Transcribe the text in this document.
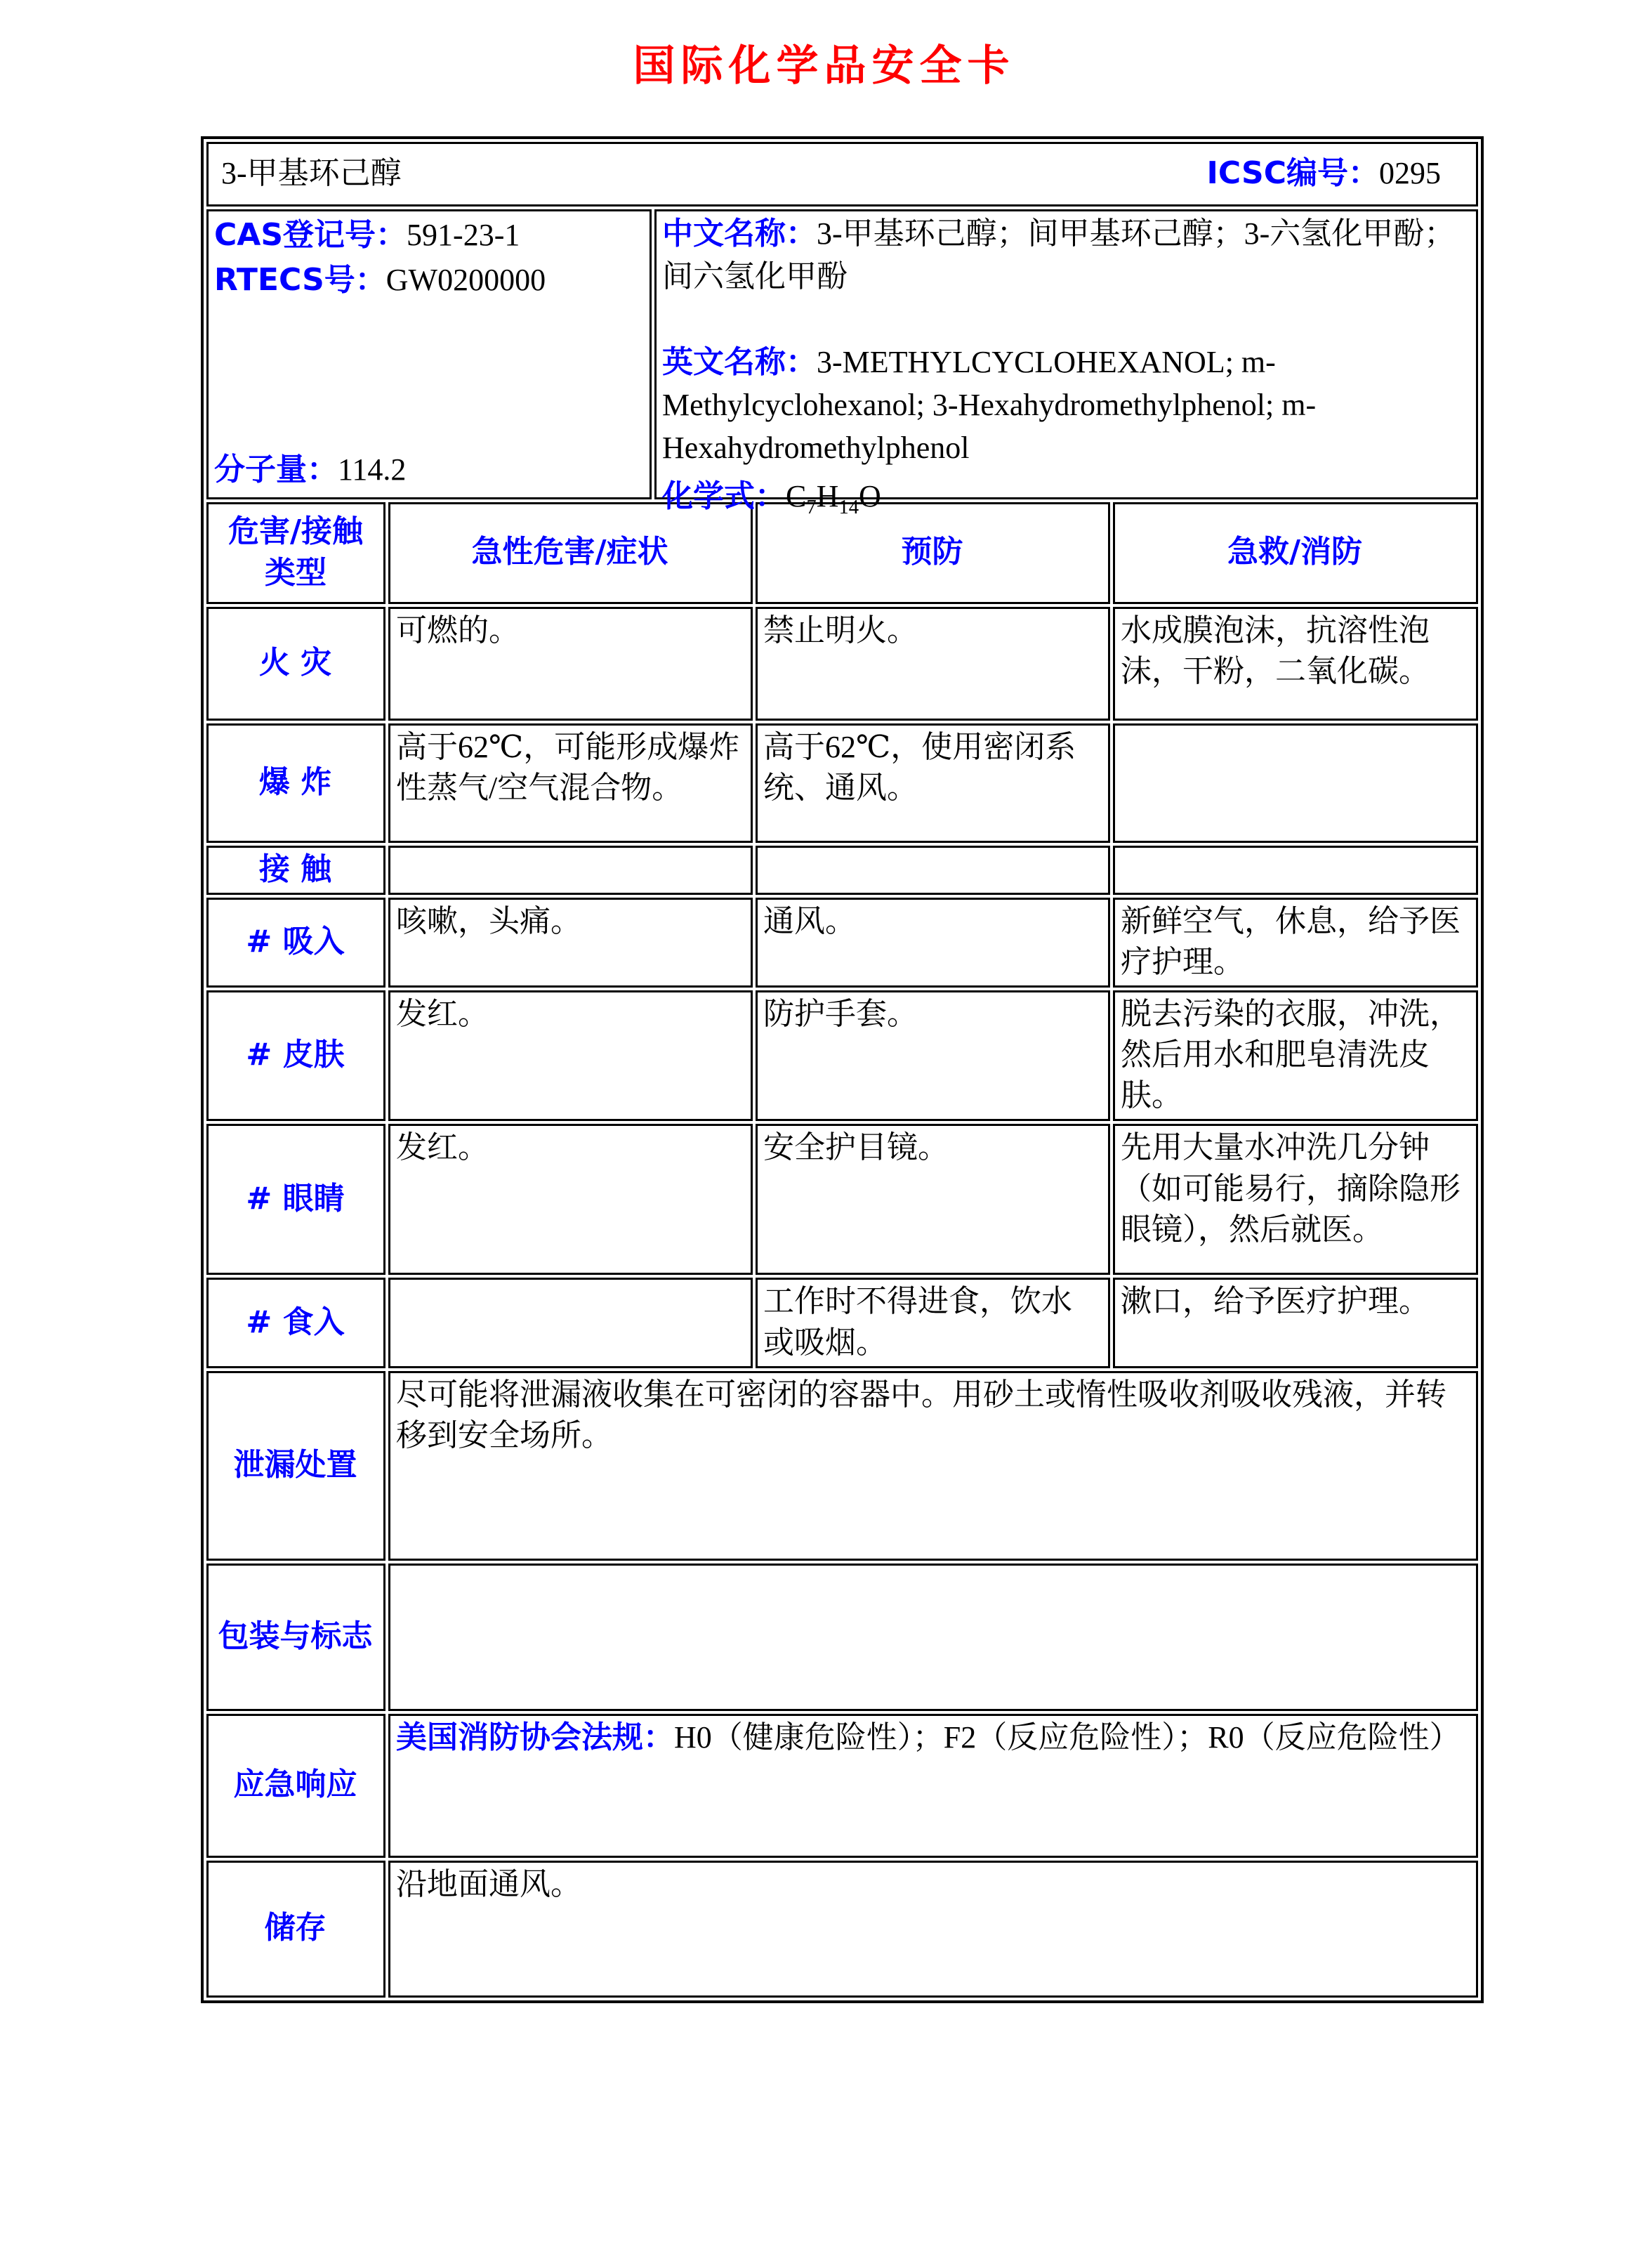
国际化学品安全卡
3-甲基环己醇 ICSC编号：0295				

CAS登记号：591-23-1
RTECS号：GW0200000
分子量：114.2

中文名称：3-甲基环己醇；间甲基环己醇；3-六氢化甲酚；间六氢化甲酚
英文名称：3-METHYLCYCLOHEXANOL; m-Methylcyclohexanol; 3-Hexahydromethylphenol; m-Hexahydromethylphenol
化学式：$C_7H_{14}O$

危害/接触类型	急性危害/症状		预防	急救/消防
火 灾	可燃的。		禁止明火。	水成膜泡沫，抗溶性泡沫，干粉，二氧化碳。
爆 炸	高于62℃，可能形成爆炸性蒸气/空气混合物。		高于62℃，使用密闭系统、通风。	
接 触				
# 吸入	咳嗽，头痛。		通风。	新鲜空气，休息，给予医疗护理。
# 皮肤	发红。		防护手套。	脱去污染的衣服，冲洗，然后用水和肥皂清洗皮肤。
# 眼睛	发红。		安全护目镜。	先用大量水冲洗几分钟（如可能易行，摘除隐形眼镜），然后就医。
# 食入			工作时不得进食，饮水或吸烟。	漱口，给予医疗护理。
泄漏处置	尽可能将泄漏液收集在可密闭的容器中。用砂土或惰性吸收剂吸收残液，并转移到安全场所。			
包装与标志				
应急响应	美国消防协会法规：H0（健康危险性）；F2（反应危险性）；R0（反应危险性）			
储存	沿地面通风。			
